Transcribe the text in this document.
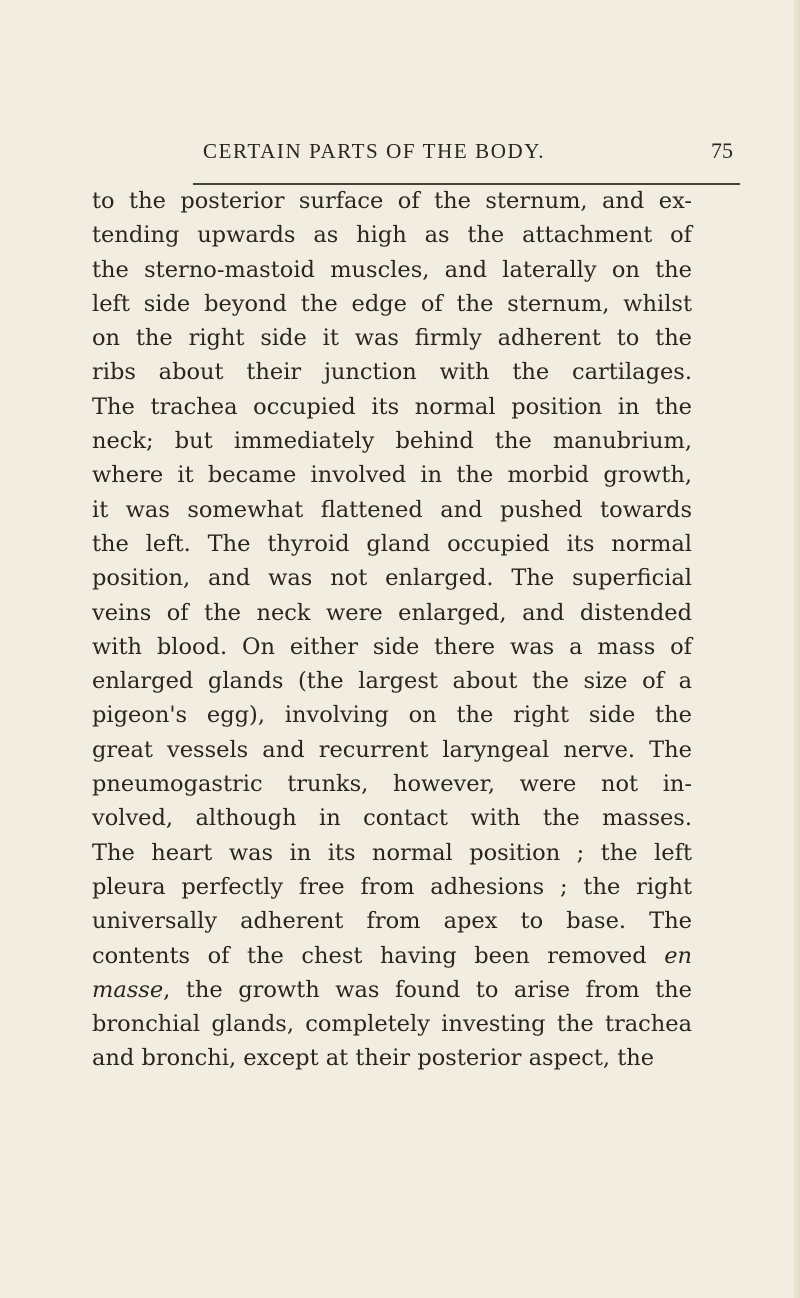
CERTAIN PARTS OF THE BODY.	75
to the posterior surface of the sternum, and ex-
tending upwards as high as the attachment of
the sterno-mastoid muscles, and laterally on the
left side beyond the edge of the sternum, whilst
on the right side it was firmly adherent to the
ribs about their junction with the cartilages.
The trachea occupied its normal position in the
neck; but immediately behind the manubrium,
where it became involved in the morbid growth,
it was somewhat flattened and pushed towards
the left. The thyroid gland occupied its normal
position, and was not enlarged. The superficial
veins of the neck were enlarged, and distended
with blood. On either side there was a mass of
enlarged glands (the largest about the size of a
pigeon's egg), involving on the right side the
great vessels and recurrent laryngeal nerve. The
pneumogastric trunks, however, were not in-
volved, although in contact with the masses.
The heart was in its normal position ; the left
pleura perfectly free from adhesions ; the right
universally adherent from apex to base. The
contents of the chest having been removed en
masse, the growth was found to arise from the
bronchial glands, completely investing the trachea
and bronchi, except at their posterior aspect, the
